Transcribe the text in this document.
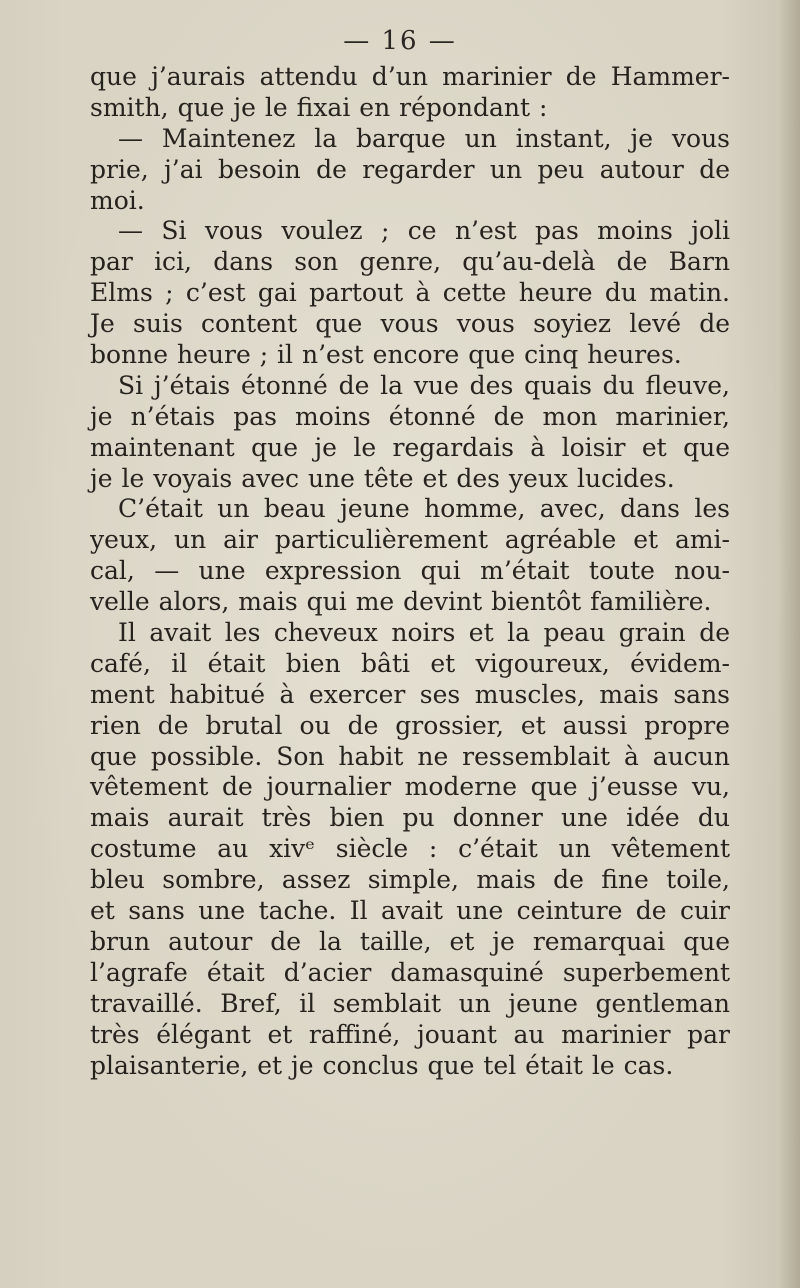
— 16 —
que j’aurais attendu d’un marinier de Hammer-
smith, que je le fixai en répondant :
— Maintenez la barque un instant, je vous
prie, j’ai besoin de regarder un peu autour de
moi.
— Si vous voulez ; ce n’est pas moins joli
par ici, dans son genre, qu’au-delà de Barn
Elms ; c’est gai partout à cette heure du matin.
Je suis content que vous vous soyiez levé de
bonne heure ; il n’est encore que cinq heures.
Si j’étais étonné de la vue des quais du fleuve,
je n’étais pas moins étonné de mon marinier,
maintenant que je le regardais à loisir et que
je le voyais avec une tête et des yeux lucides.
C’était un beau jeune homme, avec, dans les
yeux, un air particulièrement agréable et ami-
cal, — une expression qui m’était toute nou-
velle alors, mais qui me devint bientôt familière.
Il avait les cheveux noirs et la peau grain de
café, il était bien bâti et vigoureux, évidem-
ment habitué à exercer ses muscles, mais sans
rien de brutal ou de grossier, et aussi propre
que possible. Son habit ne ressemblait à aucun
vêtement de journalier moderne que j’eusse vu,
mais aurait très bien pu donner une idée du
costume au xivᵉ siècle : c’était un vêtement
bleu sombre, assez simple, mais de fine toile,
et sans une tache. Il avait une ceinture de cuir
brun autour de la taille, et je remarquai que
l’agrafe était d’acier damasquiné superbement
travaillé. Bref, il semblait un jeune gentleman
très élégant et raffiné, jouant au marinier par
plaisanterie, et je conclus que tel était le cas.
